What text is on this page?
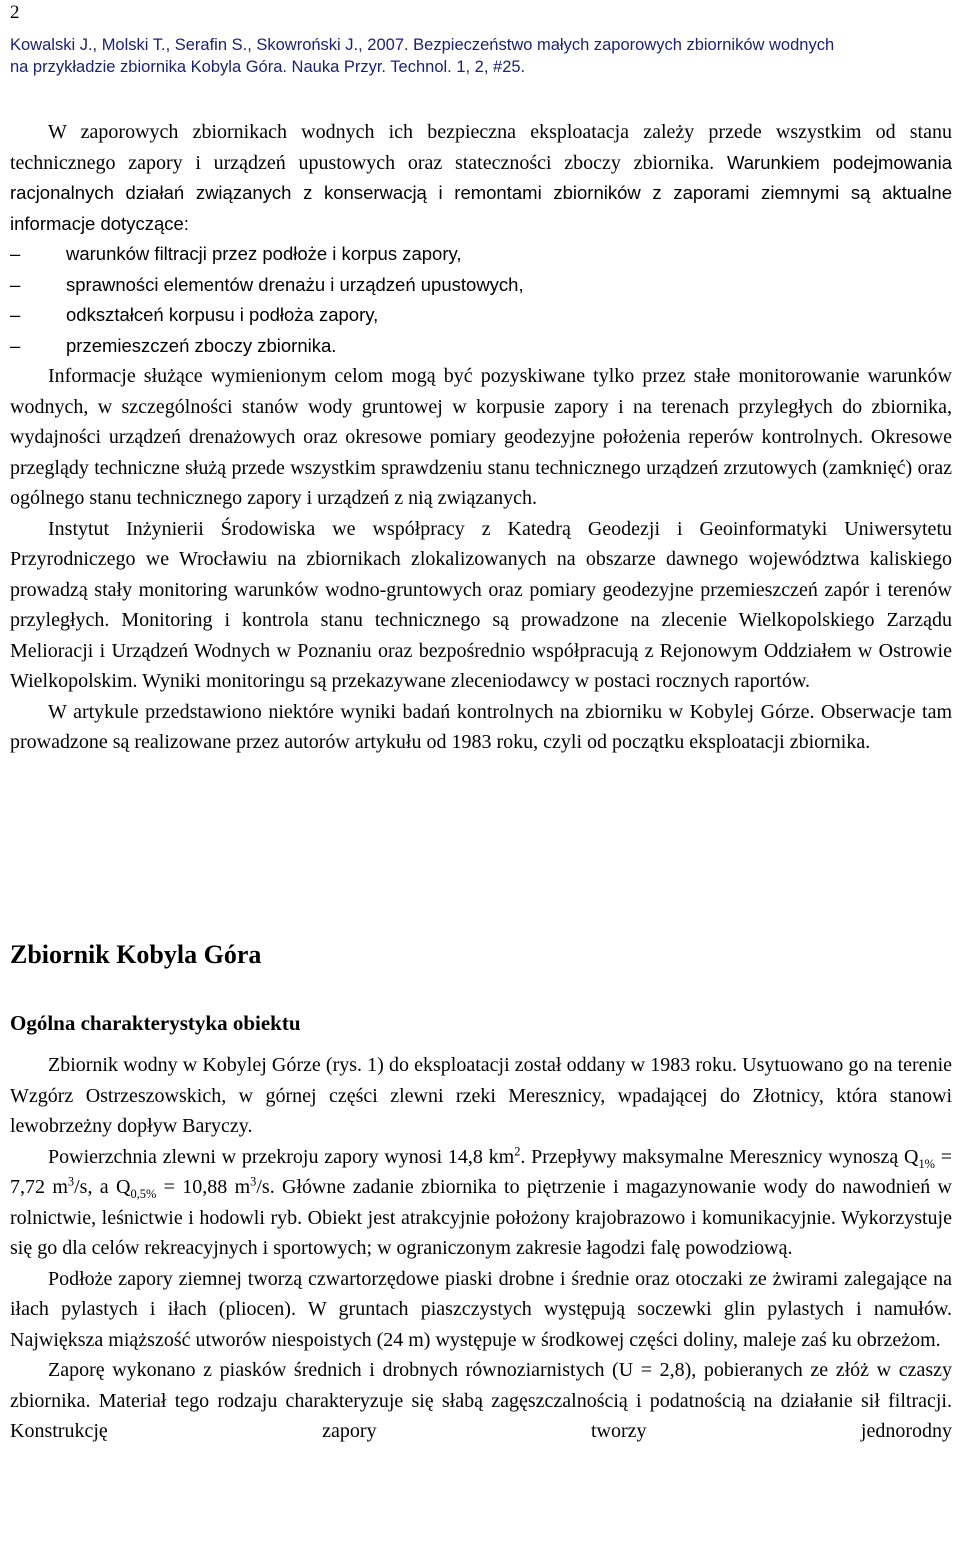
2
Kowalski J., Molski T., Serafin S., Skowroński J., 2007. Bezpieczeństwo małych zaporowych zbiorników wodnych
na przykładzie zbiornika Kobyla Góra. Nauka Przyr. Technol. 1, 2, #25.

W zaporowych zbiornikach wodnych ich bezpieczna eksploatacja zależy przede wszystkim od stanu technicznego zapory i urządzeń upustowych oraz stateczności zboczy zbiornika. Warunkiem podejmowania racjonalnych działań związanych z konserwacją i remontami zbiorników z zaporami ziemnymi są aktualne informacje dotyczące:

– warunków filtracji przez podłoże i korpus zapory,
– sprawności elementów drenażu i urządzeń upustowych,
– odkształceń korpusu i podłoża zapory,
– przemieszczeń zboczy zbiornika.

Informacje służące wymienionym celom mogą być pozyskiwane tylko przez stałe monitorowanie warunków wodnych, w szczególności stanów wody gruntowej w korpusie zapory i na terenach przyległych do zbiornika, wydajności urządzeń drenażowych oraz okresowe pomiary geodezyjne położenia reperów kontrolnych. Okresowe przeglądy techniczne służą przede wszystkim sprawdzeniu stanu technicznego urządzeń zrzutowych (zamknięć) oraz ogólnego stanu technicznego zapory i urządzeń z nią związanych.

Instytut Inżynierii Środowiska we współpracy z Katedrą Geodezji i Geoinformatyki Uniwersytetu Przyrodniczego we Wrocławiu na zbiornikach zlokalizowanych na obszarze dawnego województwa kaliskiego prowadzą stały monitoring warunków wodno-gruntowych oraz pomiary geodezyjne przemieszczeń zapór i terenów przyległych. Monitoring i kontrola stanu technicznego są prowadzone na zlecenie Wielkopolskiego Zarządu Melioracji i Urządzeń Wodnych w Poznaniu oraz bezpośrednio współpracują z Rejonowym Oddziałem w Ostrowie Wielkopolskim. Wyniki monitoringu są przekazywane zleceniodawcy w postaci rocznych raportów.

W artykule przedstawiono niektóre wyniki badań kontrolnych na zbiorniku w Kobylej Górze. Obserwacje tam prowadzone są realizowane przez autorów artykułu od 1983 roku, czyli od początku eksploatacji zbiornika.

Zbiornik Kobyla Góra
Ogólna charakterystyka obiektu

Zbiornik wodny w Kobylej Górze (rys. 1) do eksploatacji został oddany w 1983 roku. Usytuowano go na terenie Wzgórz Ostrzeszowskich, w górnej części zlewni rzeki Meresznicy, wpadającej do Złotnicy, która stanowi lewobrzeżny dopływ Baryczy.

Powierzchnia zlewni w przekroju zapory wynosi 14,8 $km^2$. Przepływy maksymalne Meresznicy wynoszą $Q_{1\%} = 7,72$ $m^3/s$, a $Q_{0,5\%} = 10,88$ $m^3/s$. Główne zadanie zbiornika to piętrzenie i magazynowanie wody do nawodnień w rolnictwie, leśnictwie i hodowli ryb. Obiekt jest atrakcyjnie położony krajobrazowo i komunikacyjnie. Wykorzystuje się go dla celów rekreacyjnych i sportowych; w ograniczonym zakresie łagodzi falę powodziową.

Podłoże zapory ziemnej tworzą czwartorzędowe piaski drobne i średnie oraz otoczaki ze żwirami zalegające na iłach pylastych i iłach (pliocen). W gruntach piaszczystych występują soczewki glin pylastych i namułów. Największa miąższość utworów niespoistych (24 m) występuje w środkowej części doliny, maleje zaś ku obrzeżom.

Zaporę wykonano z piasków średnich i drobnych równoziarnistych (U = 2,8), pobieranych ze złóż w czaszy zbiornika. Materiał tego rodzaju charakteryzuje się słabą zagęszczalnością i podatnością na działanie sił filtracji. Konstrukcję zapory tworzy jednorodny
